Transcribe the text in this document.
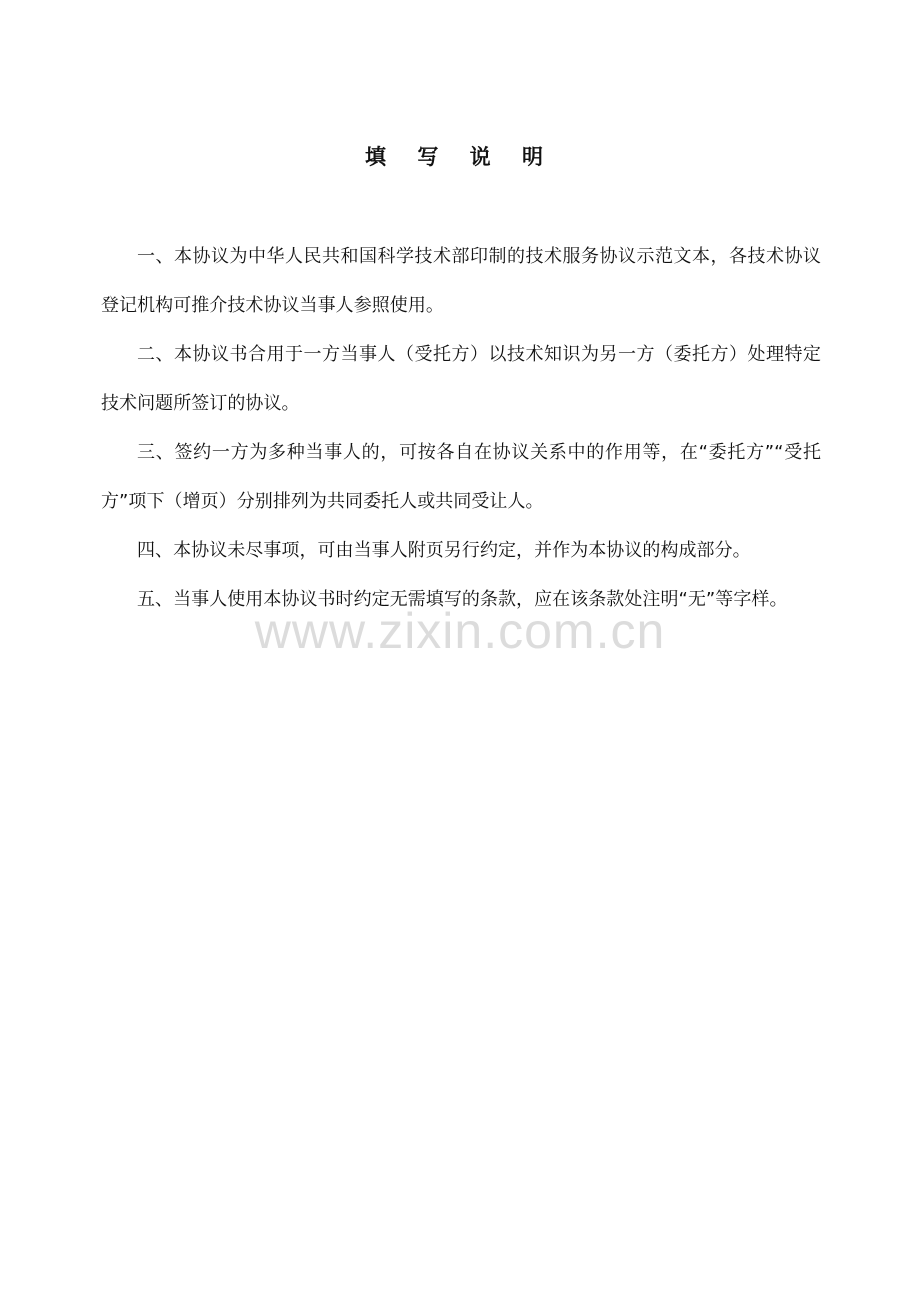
填 写 说 明

一、本协议为中华人民共和国科学技术部印制的技术服务协议示范文本，各技术协议登记机构可推介技术协议当事人参照使用。

二、本协议书合用于一方当事人（受托方）以技术知识为另一方（委托方）处理特定技术问题所签订的协议。

三、签约一方为多种当事人的，可按各自在协议关系中的作用等，在“委托方”“受托方”项下（增页）分别排列为共同委托人或共同受让人。

四、本协议未尽事项，可由当事人附页另行约定，并作为本协议的构成部分。

五、当事人使用本协议书时约定无需填写的条款，应在该条款处注明“无”等字样。

www.zixin.com.cn
